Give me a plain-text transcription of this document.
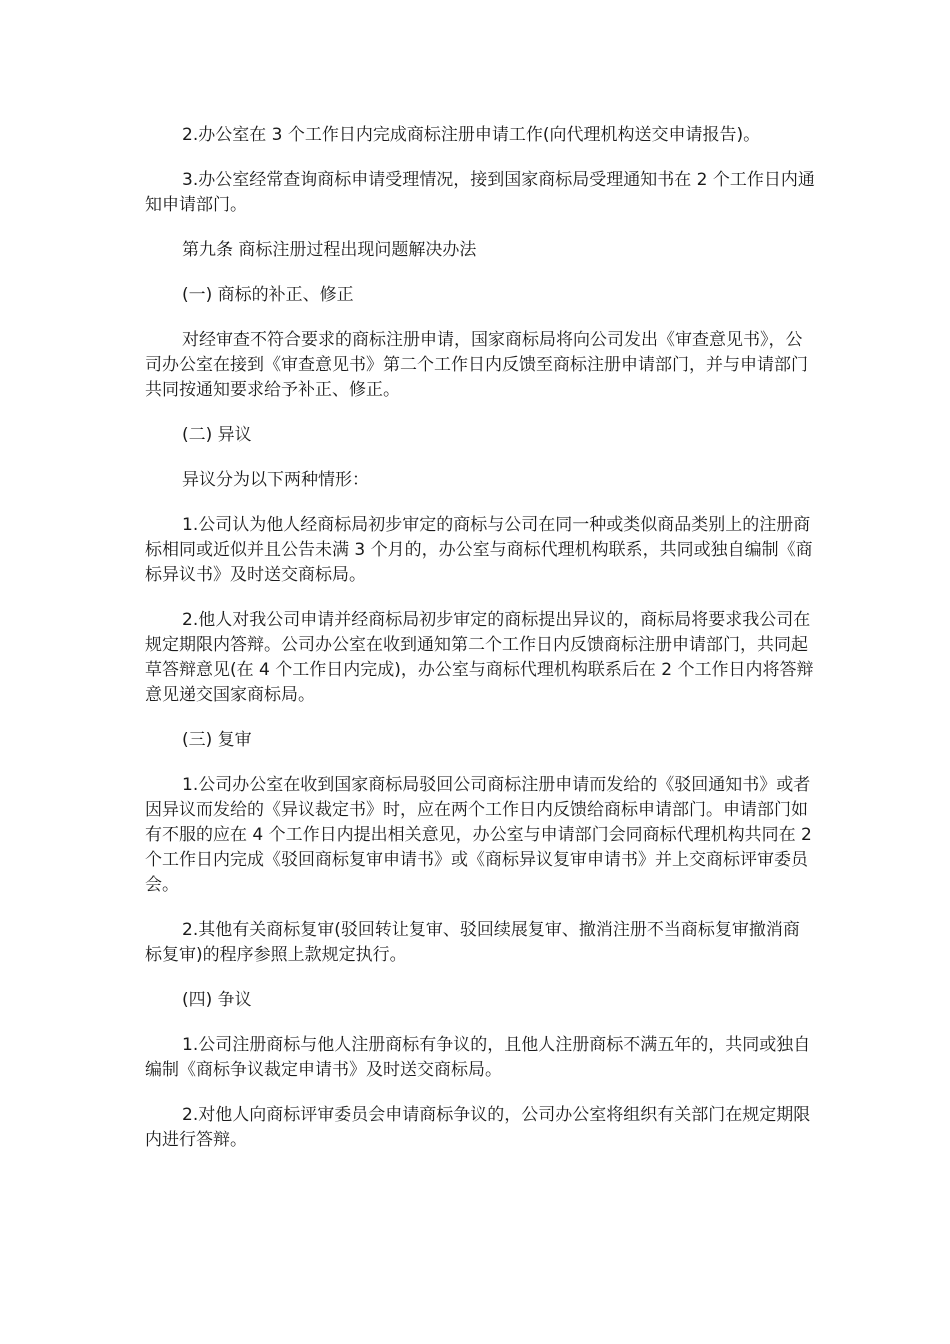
2.办公室在 3 个工作日内完成商标注册申请工作(向代理机构送交申请报告)。

3.办公室经常查询商标申请受理情况，接到国家商标局受理通知书在 2 个工作日内通知申请部门。

第九条 商标注册过程出现问题解决办法

(一) 商标的补正、修正

对经审查不符合要求的商标注册申请，国家商标局将向公司发出《审查意见书》，公司办公室在接到《审查意见书》第二个工作日内反馈至商标注册申请部门，并与申请部门共同按通知要求给予补正、修正。

(二) 异议

异议分为以下两种情形：

1.公司认为他人经商标局初步审定的商标与公司在同一种或类似商品类别上的注册商标相同或近似并且公告未满 3 个月的，办公室与商标代理机构联系，共同或独自编制《商标异议书》及时送交商标局。

2.他人对我公司申请并经商标局初步审定的商标提出异议的，商标局将要求我公司在规定期限内答辩。公司办公室在收到通知第二个工作日内反馈商标注册申请部门，共同起草答辩意见(在 4 个工作日内完成)，办公室与商标代理机构联系后在 2 个工作日内将答辩意见递交国家商标局。

(三) 复审

1.公司办公室在收到国家商标局驳回公司商标注册申请而发给的《驳回通知书》或者因异议而发给的《异议裁定书》时，应在两个工作日内反馈给商标申请部门。申请部门如有不服的应在 4 个工作日内提出相关意见，办公室与申请部门会同商标代理机构共同在 2 个工作日内完成《驳回商标复审申请书》或《商标异议复审申请书》并上交商标评审委员会。

2.其他有关商标复审(驳回转让复审、驳回续展复审、撤消注册不当商标复审撤消商标复审)的程序参照上款规定执行。

(四) 争议

1.公司注册商标与他人注册商标有争议的，且他人注册商标不满五年的，共同或独自编制《商标争议裁定申请书》及时送交商标局。

2.对他人向商标评审委员会申请商标争议的，公司办公室将组织有关部门在规定期限内进行答辩。
